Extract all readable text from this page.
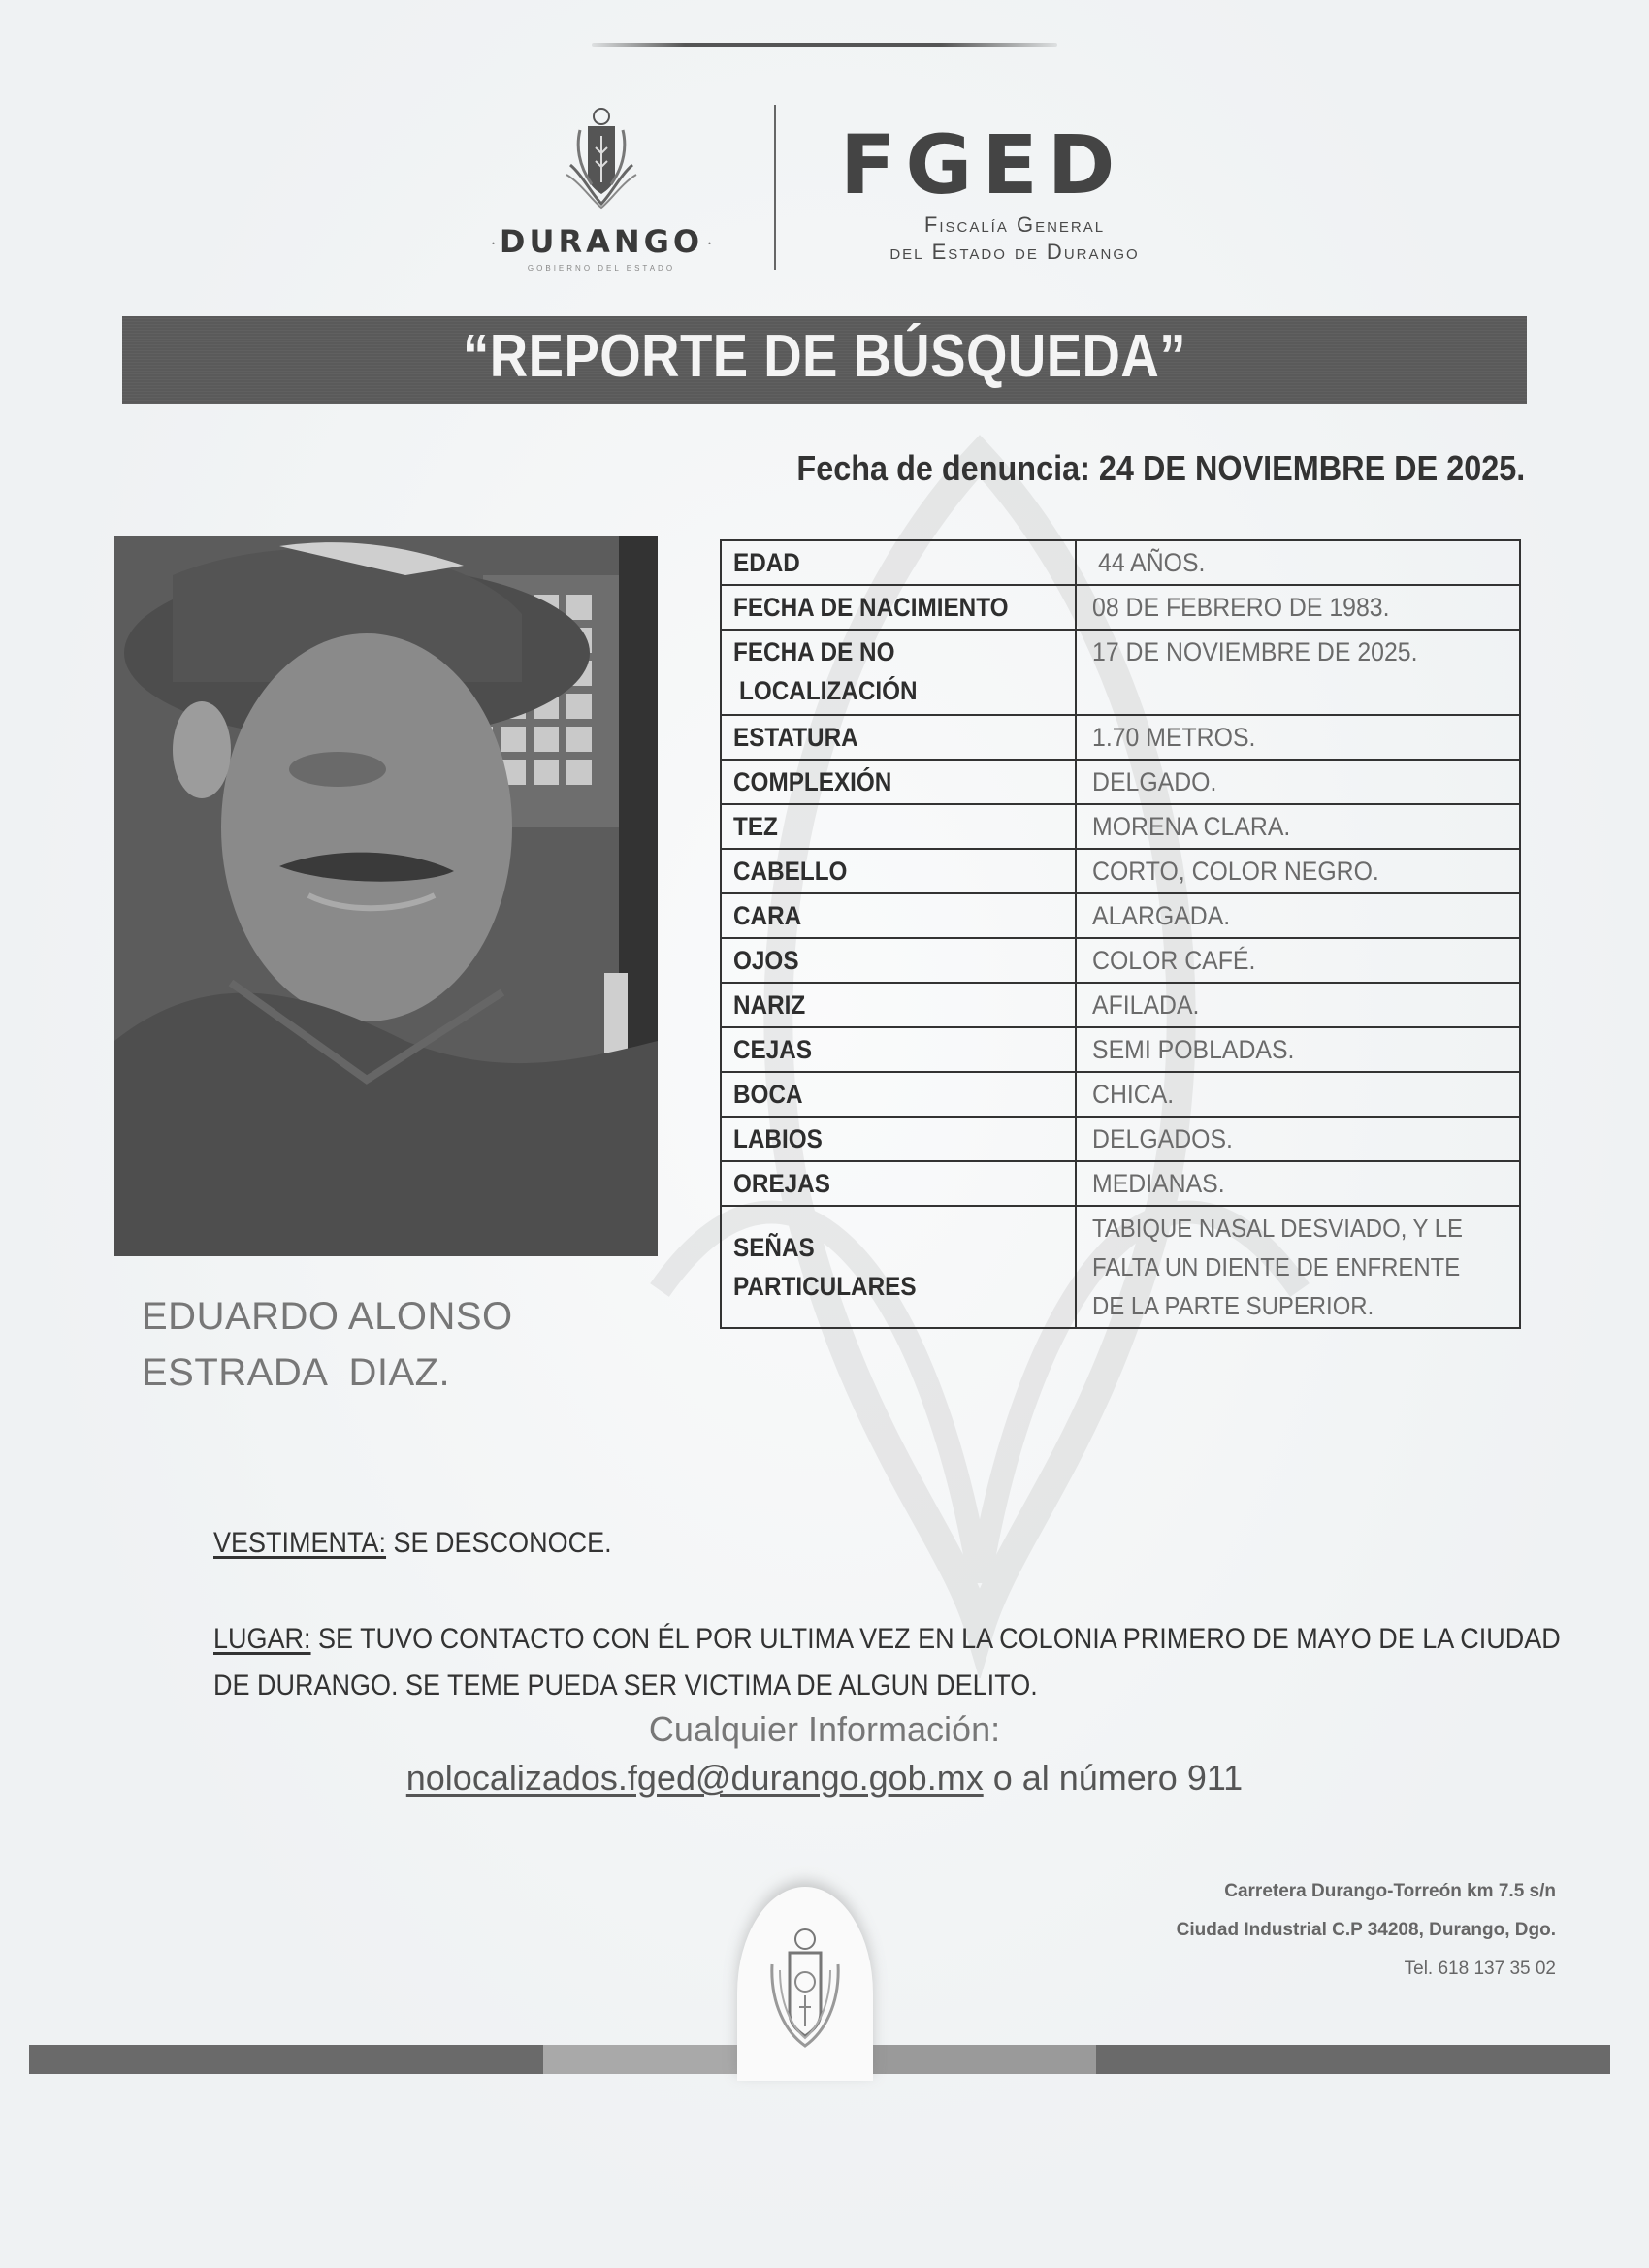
• DURANGO •
GOBIERNO DEL ESTADO
FGED
Fiscalía General
del Estado de Durango
“REPORTE DE BÚSQUEDA”
Fecha de denuncia: 24 DE NOVIEMBRE DE 2025.
EDUARDO ALONSO
ESTRADA  DIAZ.
EDAD	44 AÑOS.
FECHA DE NACIMIENTO	08 DE FEBRERO DE 1983.
FECHA DE NO
LOCALIZACIÓN	17 DE NOVIEMBRE DE 2025.
ESTATURA	1.70 METROS.
COMPLEXIÓN	DELGADO.
TEZ	MORENA CLARA.
CABELLO	CORTO, COLOR NEGRO.
CARA	ALARGADA.
OJOS	COLOR CAFÉ.
NARIZ	AFILADA.
CEJAS	SEMI POBLADAS.
BOCA	CHICA.
LABIOS	DELGADOS.
OREJAS	MEDIANAS.
SEÑAS
PARTICULARES	TABIQUE NASAL DESVIADO, Y LE
FALTA UN DIENTE DE ENFRENTE
DE LA PARTE SUPERIOR.
VESTIMENTA: SE DESCONOCE.
LUGAR: SE TUVO CONTACTO CON ÉL POR ULTIMA VEZ EN LA COLONIA PRIMERO DE MAYO DE LA CIUDAD DE DURANGO. SE TEME PUEDA SER VICTIMA DE ALGUN DELITO.
Cualquier Información:
nolocalizados.fged@durango.gob.mx o al número 911
Carretera Durango-Torreón km 7.5 s/n
Ciudad Industrial C.P 34208, Durango, Dgo.
Tel. 618 137 35 02
